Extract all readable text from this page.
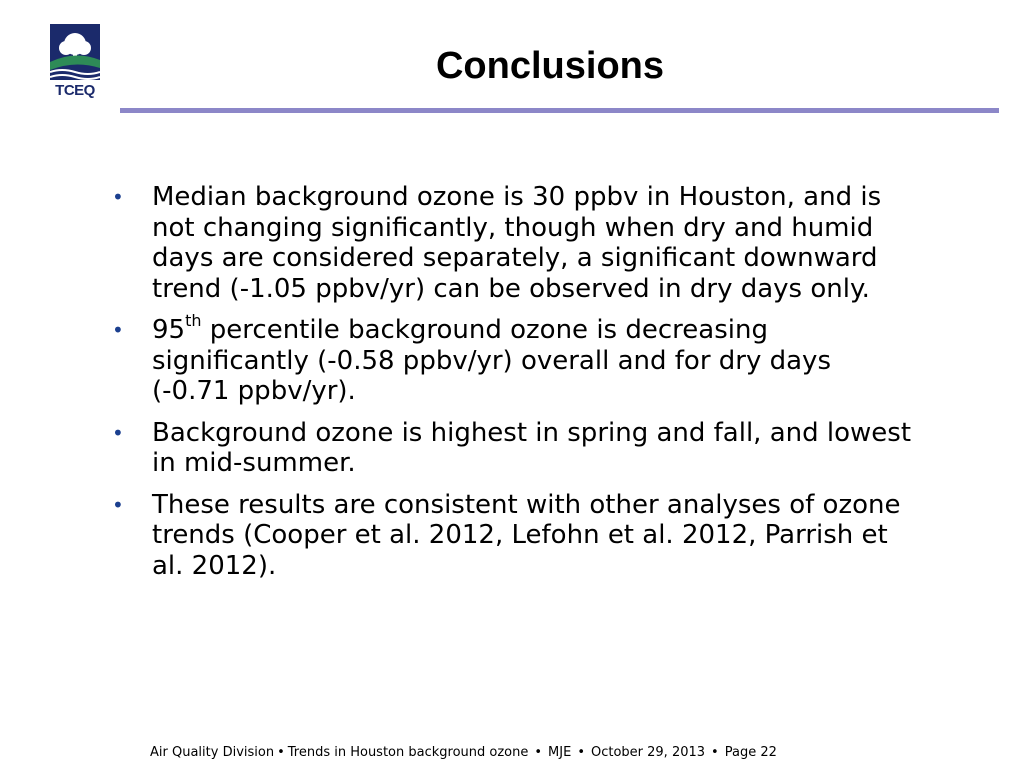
TCEQ
Conclusions
•	Median background ozone is 30 ppbv in Houston, and is not changing significantly, though when dry and humid days are considered separately, a significant downward trend (-1.05 ppbv/yr) can be observed in dry days only.
•	95th percentile background ozone is decreasing significantly (-0.58 ppbv/yr) overall and for dry days (-0.71 ppbv/yr).
•	Background ozone is highest in spring and fall, and lowest in mid-summer.
•	These results are consistent with other analyses of ozone trends (Cooper et al. 2012, Lefohn et al. 2012, Parrish et al. 2012).
Air Quality Division • Trends in Houston background ozone • MJE • October 29, 2013 • Page 22
